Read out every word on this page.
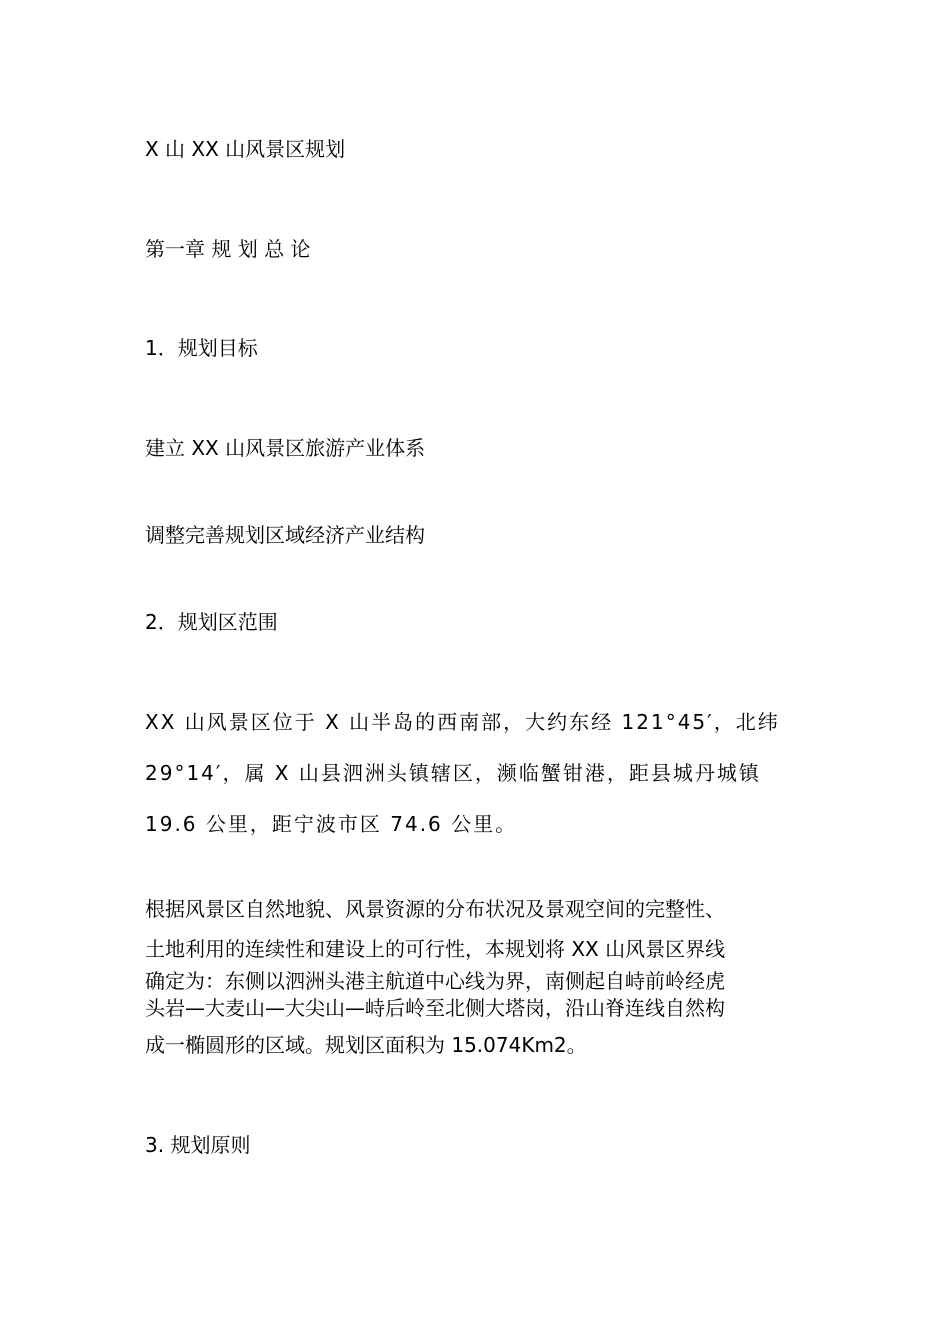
X 山 XX 山风景区规划
第一章 规 划 总 论
1．规划目标
建立 XX 山风景区旅游产业体系
调整完善规划区域经济产业结构
2．规划区范围
XX 山风景区位于 X 山半岛的西南部，大约东经 121°45′，北纬
29°14′，属 X 山县泗洲头镇辖区，濒临蟹钳港，距县城丹城镇
19.6 公里，距宁波市区 74.6 公里。
根据风景区自然地貌、风景资源的分布状况及景观空间的完整性、
土地利用的连续性和建设上的可行性，本规划将 XX 山风景区界线
确定为：东侧以泗洲头港主航道中心线为界，南侧起自峙前岭经虎
头岩—大麦山—大尖山—峙后岭至北侧大塔岗，沿山脊连线自然构
成一椭圆形的区域。规划区面积为 15.074Km2。
3. 规划原则
